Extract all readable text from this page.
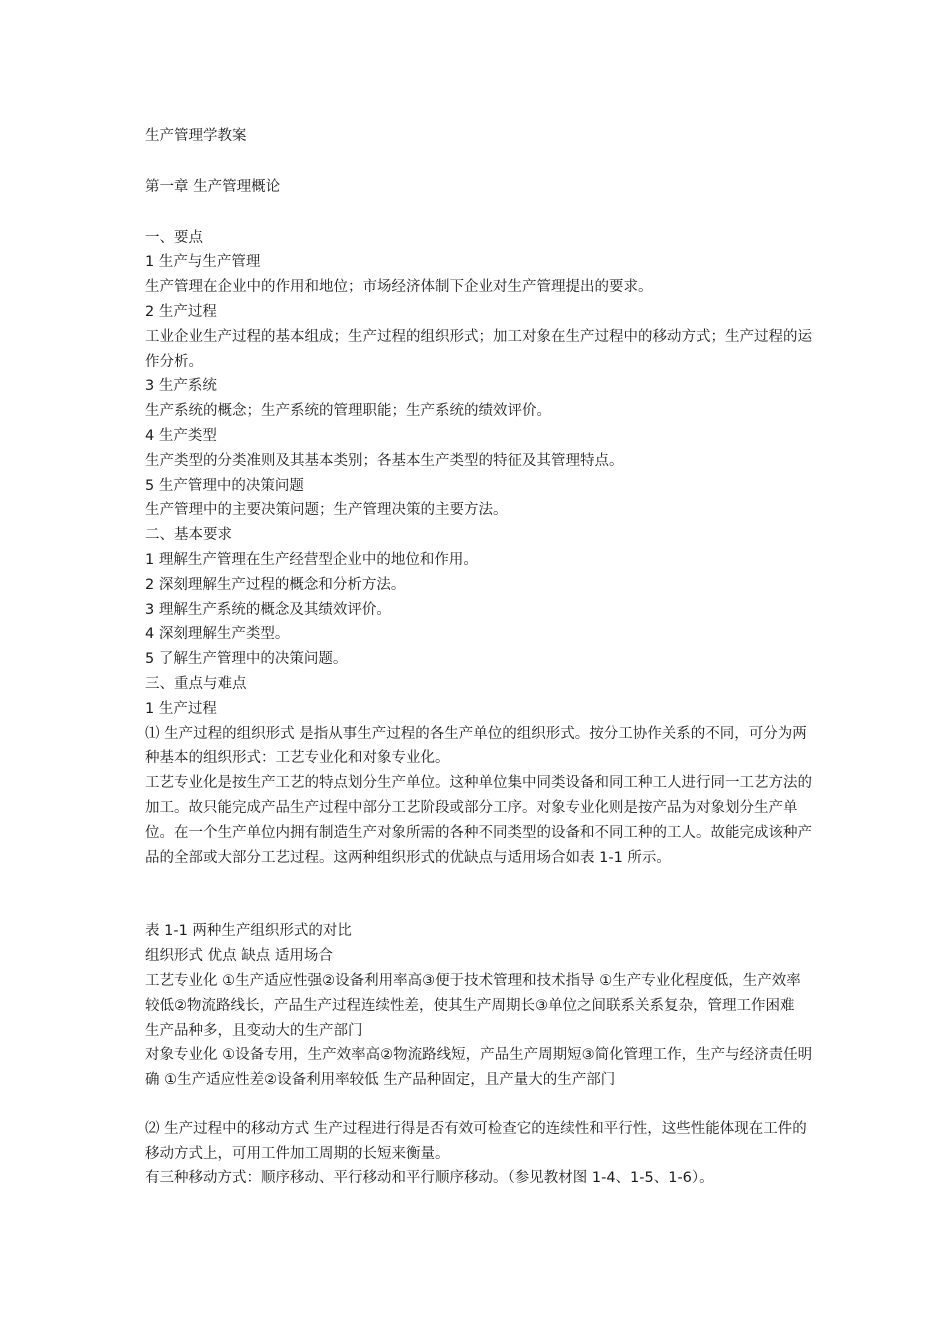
生产管理学教案

第一章 生产管理概论

一、要点

1 生产与生产管理

生产管理在企业中的作用和地位；市场经济体制下企业对生产管理提出的要求。

2 生产过程

工业企业生产过程的基本组成；生产过程的组织形式；加工对象在生产过程中的移动方式；生产过程的运作分析。

3 生产系统

生产系统的概念；生产系统的管理职能；生产系统的绩效评价。

4 生产类型

生产类型的分类准则及其基本类别；各基本生产类型的特征及其管理特点。

5 生产管理中的决策问题

生产管理中的主要决策问题；生产管理决策的主要方法。

二、基本要求

1 理解生产管理在生产经营型企业中的地位和作用。

2 深刻理解生产过程的概念和分析方法。

3 理解生产系统的概念及其绩效评价。

4 深刻理解生产类型。

5 了解生产管理中的决策问题。

三、重点与难点

1 生产过程

⑴ 生产过程的组织形式 是指从事生产过程的各生产单位的组织形式。按分工协作关系的不同，可分为两种基本的组织形式：工艺专业化和对象专业化。

工艺专业化是按生产工艺的特点划分生产单位。这种单位集中同类设备和同工种工人进行同一工艺方法的加工。故只能完成产品生产过程中部分工艺阶段或部分工序。对象专业化则是按产品为对象划分生产单位。在一个生产单位内拥有制造生产对象所需的各种不同类型的设备和不同工种的工人。故能完成该种产品的全部或大部分工艺过程。这两种组织形式的优缺点与适用场合如表 1-1 所示。

表 1-1 两种生产组织形式的对比

组织形式 优点 缺点 适用场合

工艺专业化 ①生产适应性强②设备利用率高③便于技术管理和技术指导 ①生产专业化程度低，生产效率较低②物流路线长，产品生产过程连续性差，使其生产周期长③单位之间联系关系复杂，管理工作困难 生产品种多，且变动大的生产部门

对象专业化 ①设备专用，生产效率高②物流路线短，产品生产周期短③简化管理工作，生产与经济责任明确 ①生产适应性差②设备利用率较低 生产品种固定，且产量大的生产部门

⑵ 生产过程中的移动方式 生产过程进行得是否有效可检查它的连续性和平行性，这些性能体现在工件的移动方式上，可用工件加工周期的长短来衡量。

有三种移动方式：顺序移动、平行移动和平行顺序移动。（参见教材图 1-4、1-5、1-6）。
